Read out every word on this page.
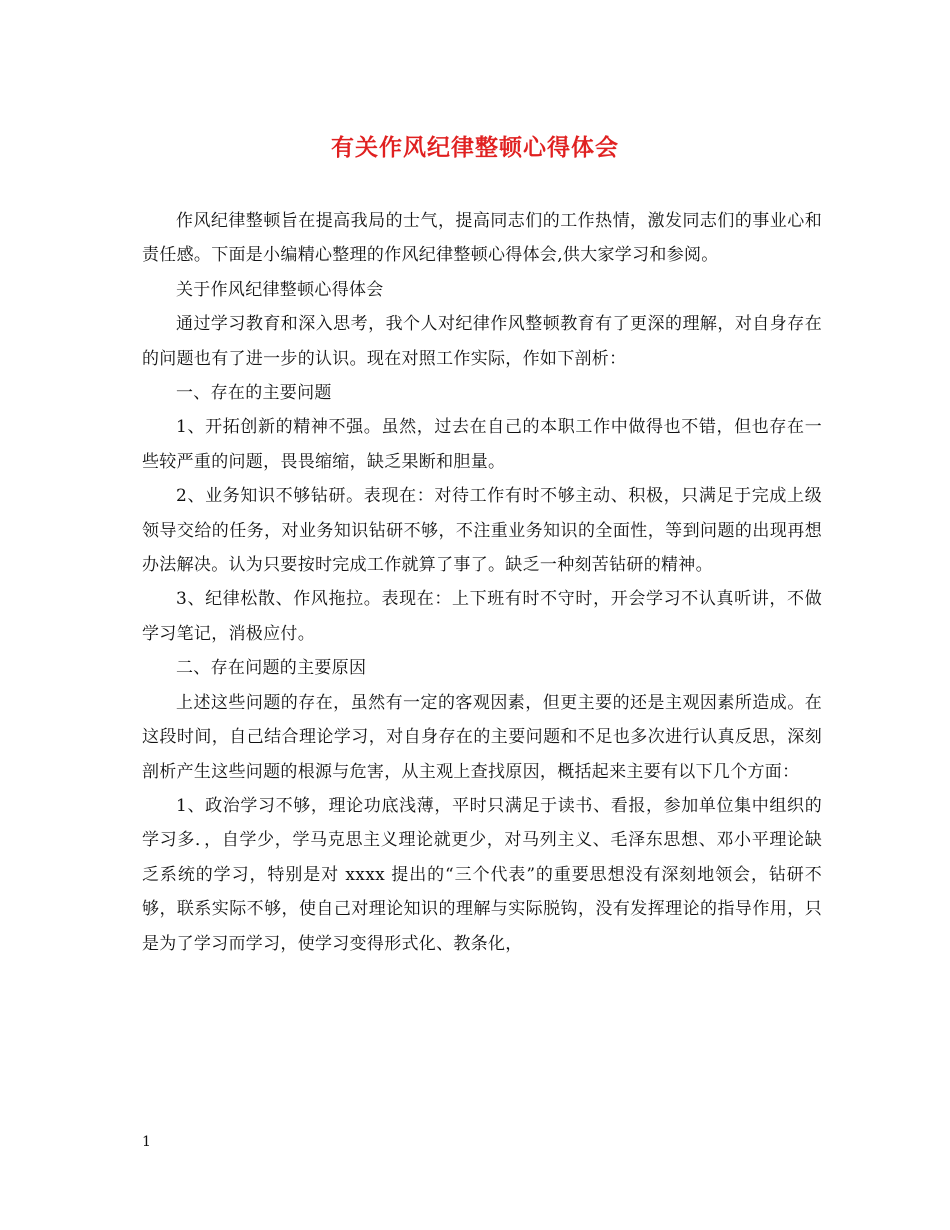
有关作风纪律整顿心得体会

作风纪律整顿旨在提高我局的士气，提高同志们的工作热情，激发同志们的事业心和责任感。下面是小编精心整理的作风纪律整顿心得体会,供大家学习和参阅。

关于作风纪律整顿心得体会

通过学习教育和深入思考，我个人对纪律作风整顿教育有了更深的理解，对自身存在的问题也有了进一步的认识。现在对照工作实际，作如下剖析：

一、存在的主要问题

1、开拓创新的精神不强。虽然，过去在自己的本职工作中做得也不错，但也存在一些较严重的问题，畏畏缩缩，缺乏果断和胆量。

2、业务知识不够钻研。表现在：对待工作有时不够主动、积极，只满足于完成上级领导交给的任务，对业务知识钻研不够，不注重业务知识的全面性，等到问题的出现再想办法解决。认为只要按时完成工作就算了事了。缺乏一种刻苦钻研的精神。

3、纪律松散、作风拖拉。表现在：上下班有时不守时，开会学习不认真听讲，不做学习笔记，消极应付。

二、存在问题的主要原因

上述这些问题的存在，虽然有一定的客观因素，但更主要的还是主观因素所造成。在这段时间，自己结合理论学习，对自身存在的主要问题和不足也多次进行认真反思，深刻剖析产生这些问题的根源与危害，从主观上查找原因，概括起来主要有以下几个方面：

1、政治学习不够，理论功底浅薄，平时只满足于读书、看报，参加单位集中组织的学习多．，自学少，学马克思主义理论就更少，对马列主义、毛泽东思想、邓小平理论缺乏系统的学习，特别是对 xxxx 提出的“三个代表”的重要思想没有深刻地领会，钻研不够，联系实际不够，使自己对理论知识的理解与实际脱钩，没有发挥理论的指导作用，只是为了学习而学习，使学习变得形式化、教条化，

1
